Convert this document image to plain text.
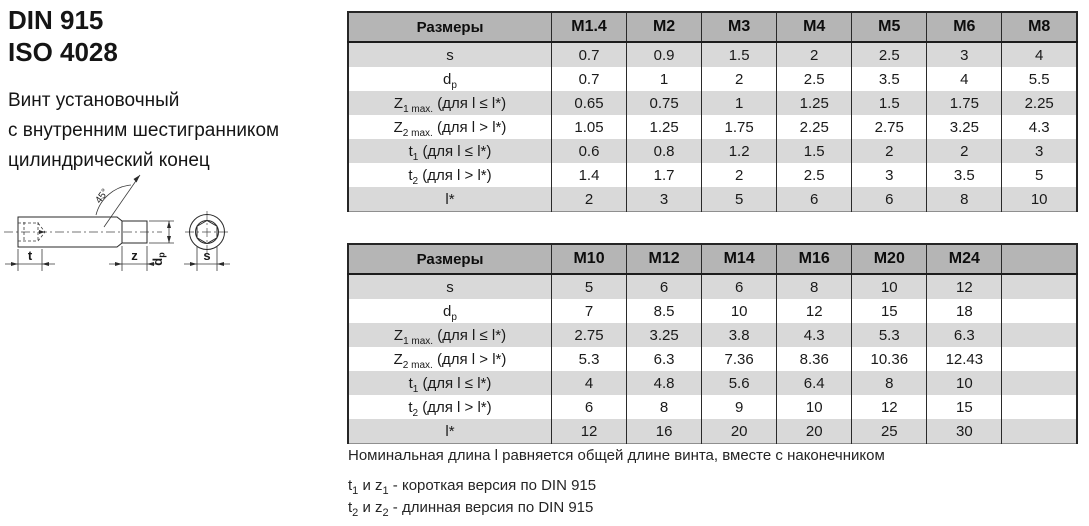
DIN 915
ISO 4028
Винт установочный
с внутренним шестигранником
цилиндрический конец
45°
t	z dp	s
Размеры	M1.4	M2	M3	M4	M5	M6	M8
s	0.7	0.9	1.5	2	2.5	3	4
$d_p$	0.7	1	2	2.5	3.5	4	5.5
$Z_{1 max.}$ (для l ≤ l*)	0.65	0.75	1	1.25	1.5	1.75	2.25
$Z_{2 max.}$ (для l > l*)	1.05	1.25	1.75	2.25	2.75	3.25	4.3
$t_1$ (для l ≤ l*)	0.6	0.8	1.2	1.5	2	2	3
$t_2$ (для l > l*)	1.4	1.7	2	2.5	3	3.5	5
l*	2	3	5	6	6	8	10
Размеры	M10	M12	M14	M16	M20	M24	
s	5	6	6	8	10	12	
$d_p$	7	8.5	10	12	15	18	
$Z_{1 max.}$ (для l ≤ l*)	2.75	3.25	3.8	4.3	5.3	6.3	
$Z_{2 max.}$ (для l > l*)	5.3	6.3	7.36	8.36	10.36	12.43	
$t_1$ (для l ≤ l*)	4	4.8	5.6	6.4	8	10	
$t_2$ (для l > l*)	6	8	9	10	12	15	
l*	12	16	20	20	25	30	
Номинальная длина l равняется общей длине винта, вместе с наконечником
$t_1$ и $z_1$ - короткая версия по DIN 915
$t_2$ и $z_2$ - длинная версия по DIN 915
